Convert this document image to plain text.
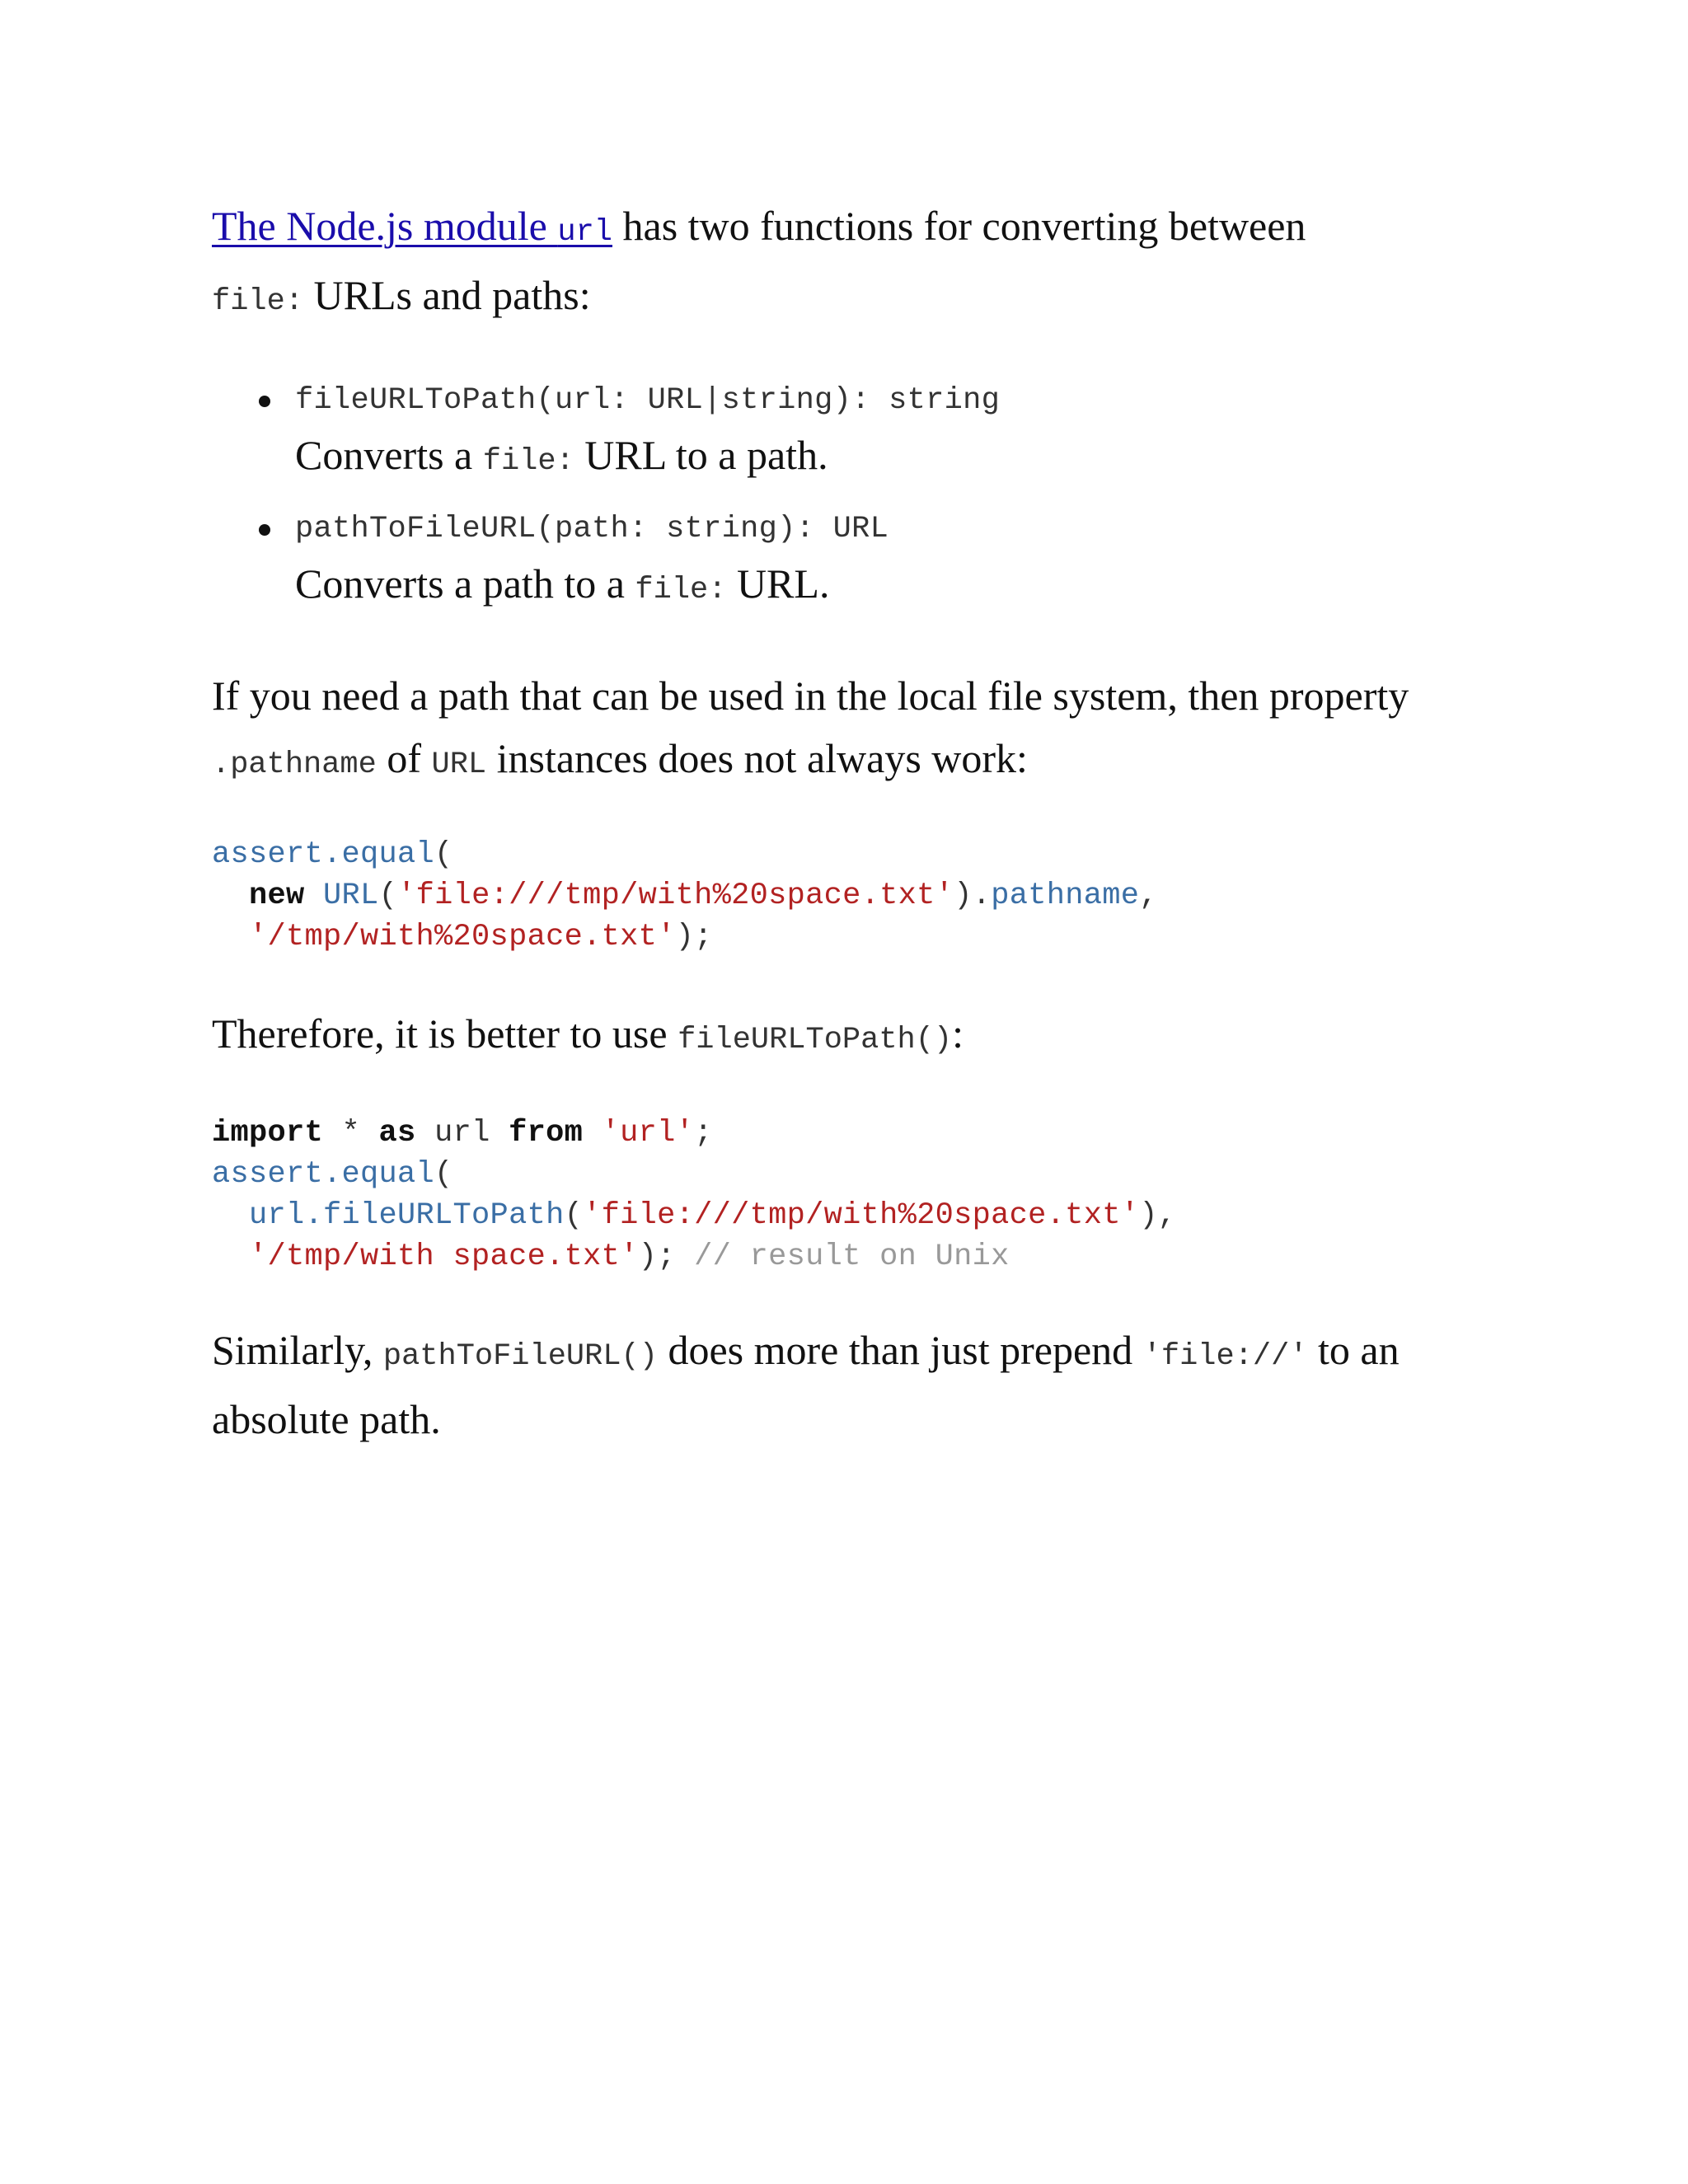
The Node.js module url has two functions for converting between
file: URLs and paths:

fileURLToPath(url: URL|string): string
Converts a file: URL to a path.
pathToFileURL(path: string): URL
Converts a path to a file: URL.

If you need a path that can be used in the local file system, then property .pathname of URL instances does not always work:

assert.equal(
new URL('file:///tmp/with%20space.txt').pathname,
'/tmp/with%20space.txt');

Therefore, it is better to use fileURLToPath():

import * as url from 'url';
assert.equal(
url.fileURLToPath('file:///tmp/with%20space.txt'),
'/tmp/with space.txt'); // result on Unix

Similarly, pathToFileURL() does more than just prepend 'file://' to an absolute path.
